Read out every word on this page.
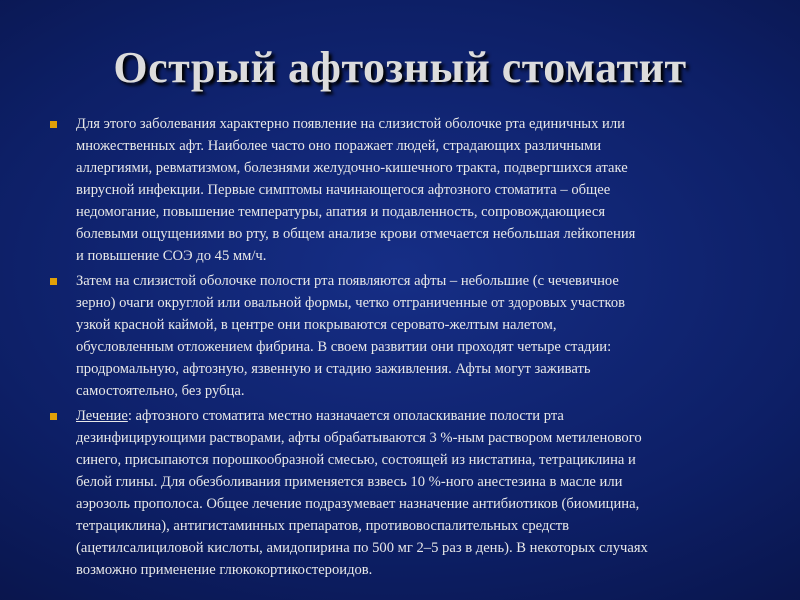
Острый афтозный стоматит
Для этого заболевания характерно появление на слизистой оболочке рта единичных или
множественных афт. Наиболее часто оно поражает людей, страдающих различными
аллергиями, ревматизмом, болезнями желудочно-кишечного тракта, подвергшихся атаке
вирусной инфекции. Первые симптомы начинающегося афтозного стоматита – общее
недомогание, повышение температуры, апатия и подавленность, сопровождающиеся
болевыми ощущениями во рту, в общем анализе крови отмечается небольшая лейкопения
и повышение СОЭ до 45 мм/ч.
Затем на слизистой оболочке полости рта появляются афты – небольшие (с чечевичное
зерно) очаги округлой или овальной формы, четко отграниченные от здоровых участков
узкой красной каймой, в центре они покрываются серовато-желтым налетом,
обусловленным отложением фибрина. В своем развитии они проходят четыре стадии:
продромальную, афтозную, язвенную и стадию заживления. Афты могут заживать
самостоятельно, без рубца.
Лечение: афтозного стоматита местно назначается ополаскивание полости рта
дезинфицирующими растворами, афты обрабатываются 3 %-ным раствором метиленового
синего, присыпаются порошкообразной смесью, состоящей из нистатина, тетрациклина и
белой глины. Для обезболивания применяется взвесь 10 %-ного анестезина в масле или
аэрозоль прополоса. Общее лечение подразумевает назначение антибиотиков (биомицина,
тетрациклина), антигистаминных препаратов, противовоспалительных средств
(ацетилсалициловой кислоты, амидопирина по 500 мг 2–5 раз в день). В некоторых случаях
возможно применение глюкокортикостероидов.
